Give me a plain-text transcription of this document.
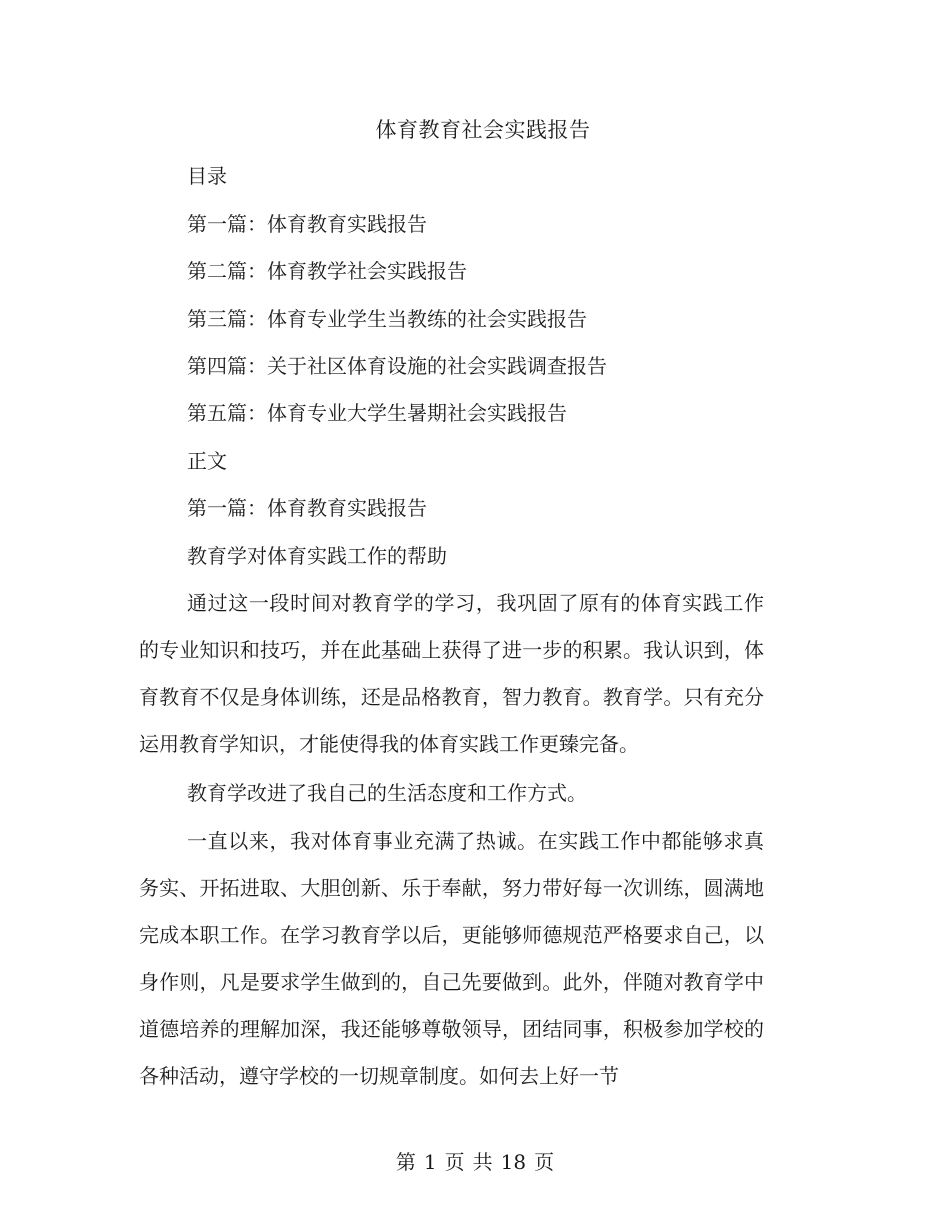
体育教育社会实践报告
目录
第一篇：体育教育实践报告
第二篇：体育教学社会实践报告
第三篇：体育专业学生当教练的社会实践报告
第四篇：关于社区体育设施的社会实践调查报告
第五篇：体育专业大学生暑期社会实践报告
正文
第一篇：体育教育实践报告
教育学对体育实践工作的帮助

通过这一段时间对教育学的学习，我巩固了原有的体育实践工作的专业知识和技巧，并在此基础上获得了进一步的积累。我认识到，体育教育不仅是身体训练，还是品格教育，智力教育。教育学。只有充分运用教育学知识，才能使得我的体育实践工作更臻完备。

教育学改进了我自己的生活态度和工作方式。

一直以来，我对体育事业充满了热诚。在实践工作中都能够求真务实、开拓进取、大胆创新、乐于奉献，努力带好每一次训练，圆满地完成本职工作。在学习教育学以后，更能够师德规范严格要求自己，以身作则，凡是要求学生做到的，自己先要做到。此外，伴随对教育学中道德培养的理解加深，我还能够尊敬领导，团结同事，积极参加学校的各种活动，遵守学校的一切规章制度。如何去上好一节

第 1 页 共 18 页
